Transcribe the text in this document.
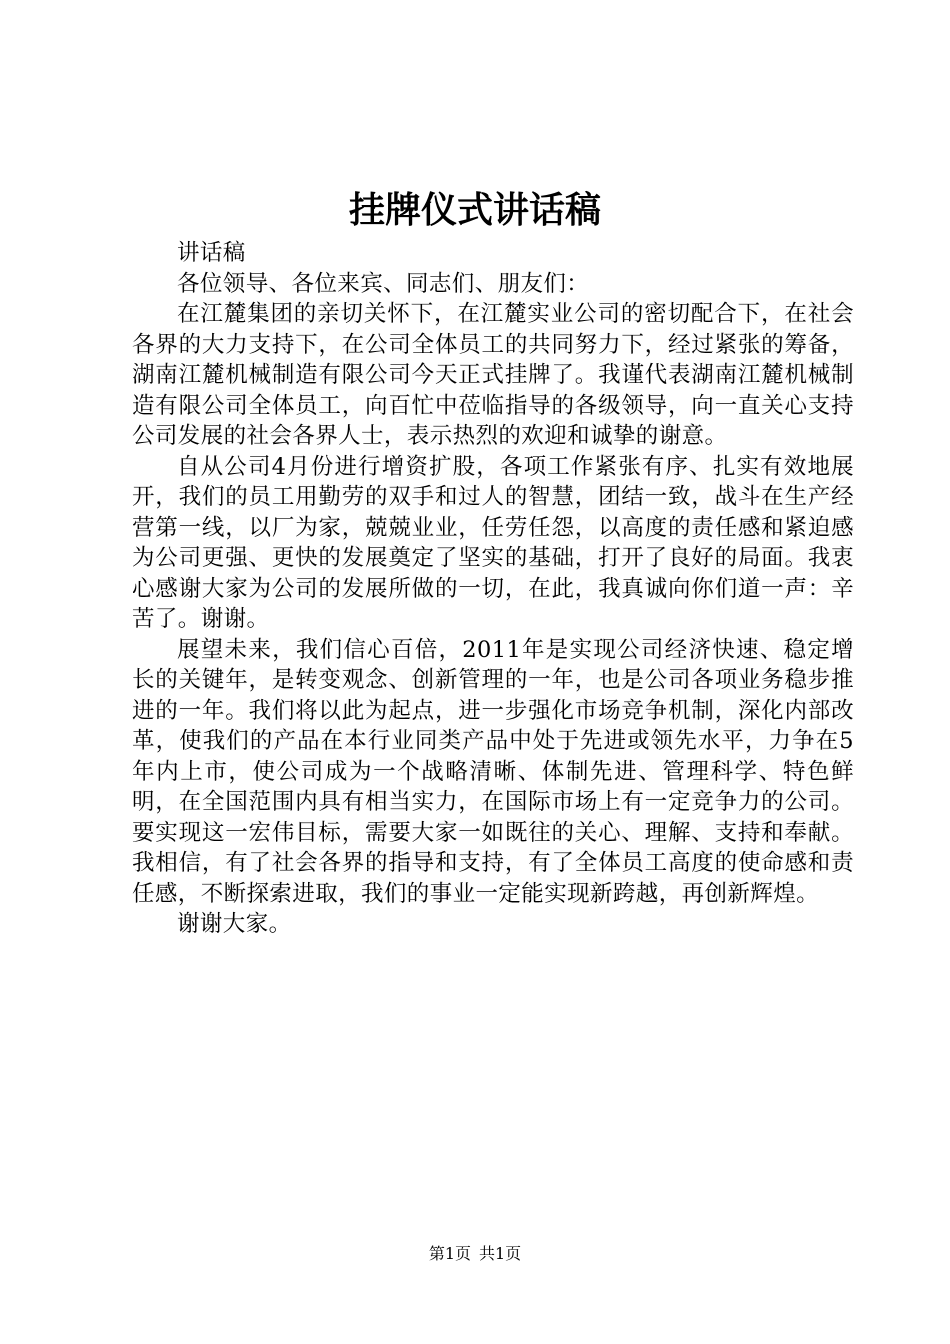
挂牌仪式讲话稿

讲话稿

各位领导、各位来宾、同志们、朋友们：

在江麓集团的亲切关怀下，在江麓实业公司的密切配合下，在社会各界的大力支持下，在公司全体员工的共同努力下，经过紧张的筹备，湖南江麓机械制造有限公司今天正式挂牌了。我谨代表湖南江麓机械制造有限公司全体员工，向百忙中莅临指导的各级领导，向一直关心支持公司发展的社会各界人士，表示热烈的欢迎和诚挚的谢意。

自从公司4月份进行增资扩股，各项工作紧张有序、扎实有效地展开，我们的员工用勤劳的双手和过人的智慧，团结一致，战斗在生产经营第一线，以厂为家，兢兢业业，任劳任怨，以高度的责任感和紧迫感为公司更强、更快的发展奠定了坚实的基础，打开了良好的局面。我衷心感谢大家为公司的发展所做的一切，在此，我真诚向你们道一声：辛苦了。谢谢。

展望未来，我们信心百倍，2011年是实现公司经济快速、稳定增长的关键年，是转变观念、创新管理的一年，也是公司各项业务稳步推进的一年。我们将以此为起点，进一步强化市场竞争机制，深化内部改革，使我们的产品在本行业同类产品中处于先进或领先水平，力争在5年内上市，使公司成为一个战略清晰、体制先进、管理科学、特色鲜明，在全国范围内具有相当实力，在国际市场上有一定竞争力的公司。要实现这一宏伟目标，需要大家一如既往的关心、理解、支持和奉献。我相信，有了社会各界的指导和支持，有了全体员工高度的使命感和责任感，不断探索进取，我们的事业一定能实现新跨越，再创新辉煌。

谢谢大家。

第1页 共1页
